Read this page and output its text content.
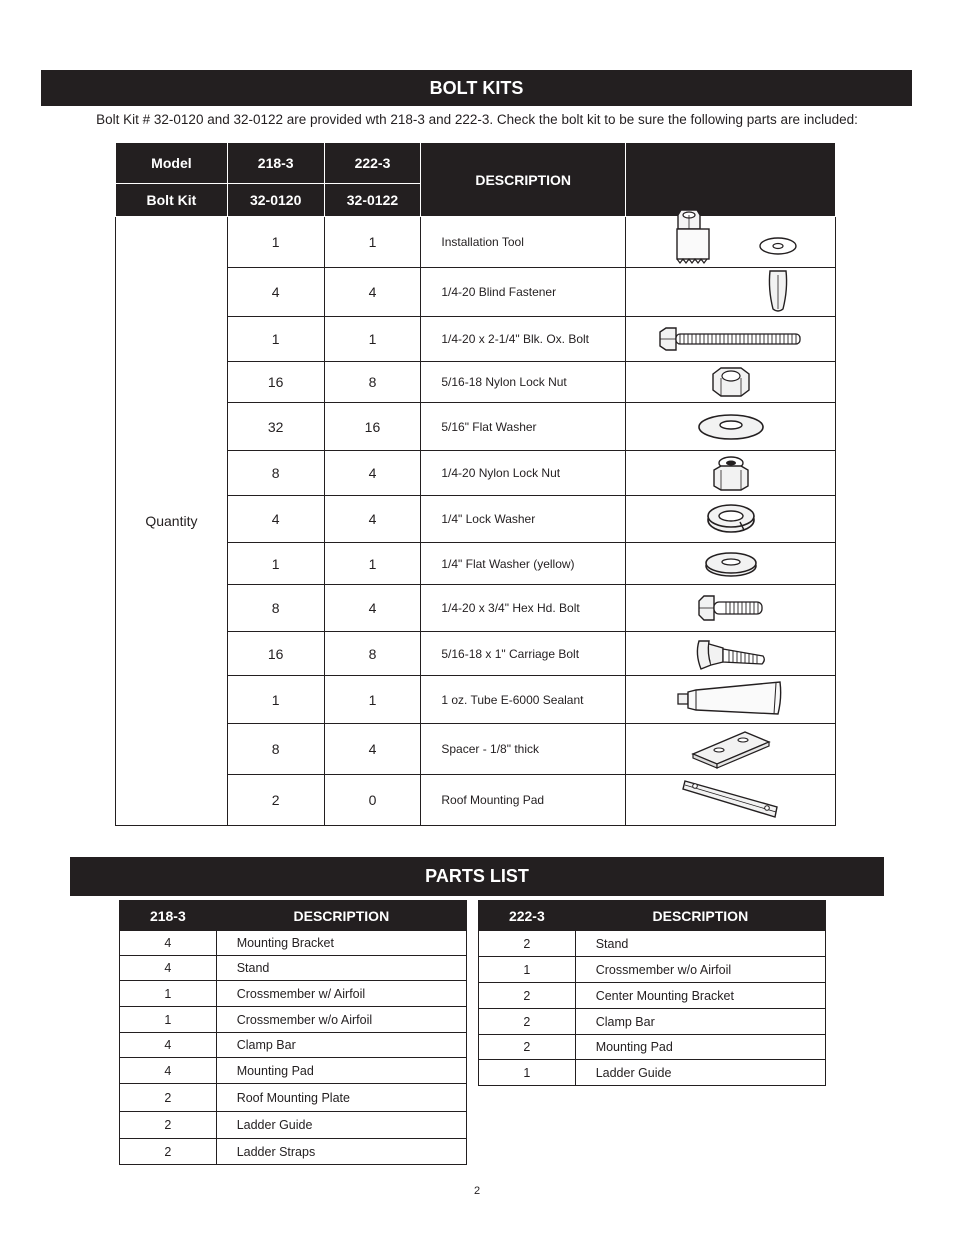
BOLT KITS
Bolt Kit # 32-0120 and 32-0122 are provided wth 218-3 and 222-3. Check the bolt kit to be sure the following parts are included:
Model	218-3	222-3	DESCRIPTION	
Bolt Kit	32-0120	32-0122		
Quantity	1	1	Installation Tool	

	4	4	1/4-20 Blind Fastener	

	1	1	1/4-20 x 2-1/4" Blk. Ox. Bolt	

	16	8	5/16-18 Nylon Lock Nut	

	32	16	5/16" Flat Washer	

	8	4	1/4-20 Nylon Lock Nut	

	4	4	1/4" Lock Washer	

	1	1	1/4" Flat Washer (yellow)	

	8	4	1/4-20 x 3/4" Hex Hd. Bolt	

	16	8	5/16-18 x 1" Carriage Bolt	

	1	1	1 oz. Tube E-6000 Sealant	

	8	4	Spacer - 1/8" thick	

	2	0	Roof Mounting Pad	
PARTS LIST
218-3	DESCRIPTION
4	Mounting Bracket
4	Stand
1	Crossmember w/ Airfoil
1	Crossmember w/o Airfoil
4	Clamp Bar
4	Mounting Pad
2	Roof Mounting Plate
2	Ladder Guide
2	Ladder Straps
222-3	DESCRIPTION
2	Stand
1	Crossmember w/o Airfoil
2	Center Mounting Bracket
2	Clamp Bar
2	Mounting Pad
1	Ladder Guide
2
